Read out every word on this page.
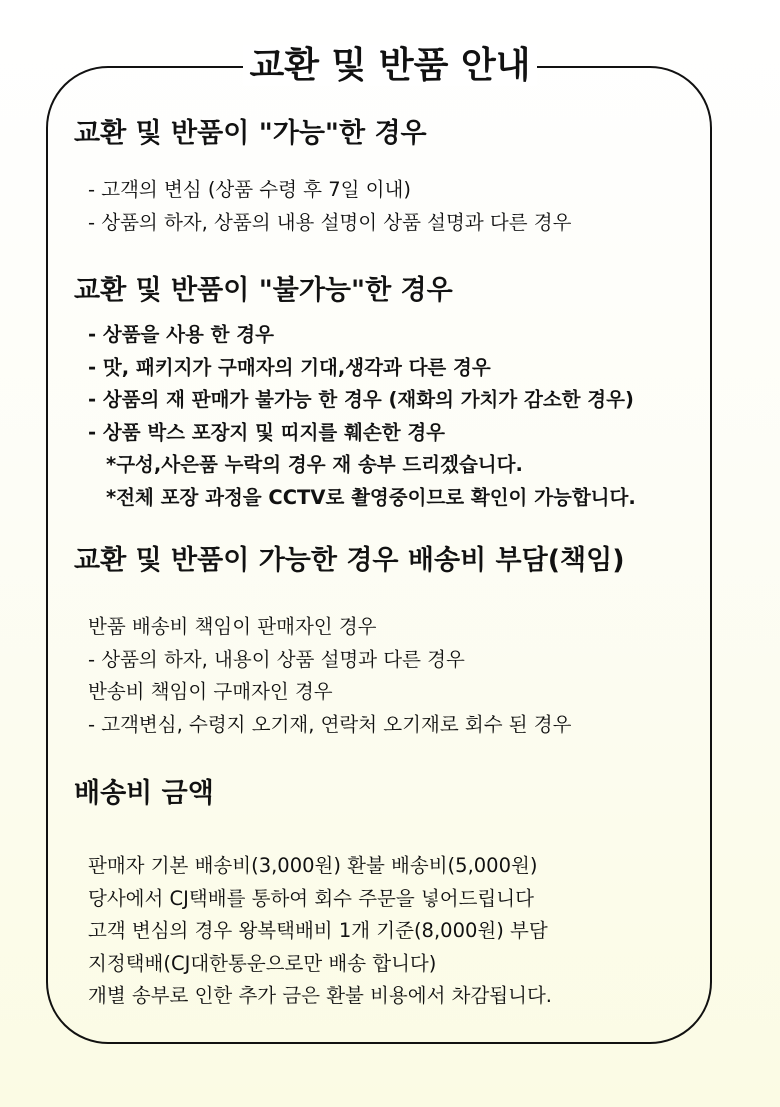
교환 및 반품 안내
교환 및 반품이 "가능"한 경우
- 고객의 변심 (상품 수령 후 7일 이내)
- 상품의 하자, 상품의 내용 설명이 상품 설명과 다른 경우
교환 및 반품이 "불가능"한 경우
- 상품을 사용 한 경우
- 맛, 패키지가 구매자의 기대,생각과 다른 경우
- 상품의 재 판매가 불가능 한 경우 (재화의 가치가 감소한 경우)
- 상품 박스 포장지 및 띠지를 훼손한 경우
*구성,사은품 누락의 경우 재 송부 드리겠습니다.
*전체 포장 과정을 CCTV로 촬영중이므로 확인이 가능합니다.
교환 및 반품이 가능한 경우 배송비 부담(책임)
반품 배송비 책임이 판매자인 경우
- 상품의 하자, 내용이 상품 설명과 다른 경우
반송비 책임이 구매자인 경우
- 고객변심, 수령지 오기재, 연락처 오기재로 회수 된 경우
배송비 금액
판매자 기본 배송비(3,000원) 환불 배송비(5,000원)
당사에서 CJ택배를 통하여 회수 주문을 넣어드립니다
고객 변심의 경우 왕복택배비 1개 기준(8,000원) 부담
지정택배(CJ대한통운으로만 배송 합니다)
개별 송부로 인한 추가 금은 환불 비용에서 차감됩니다.
